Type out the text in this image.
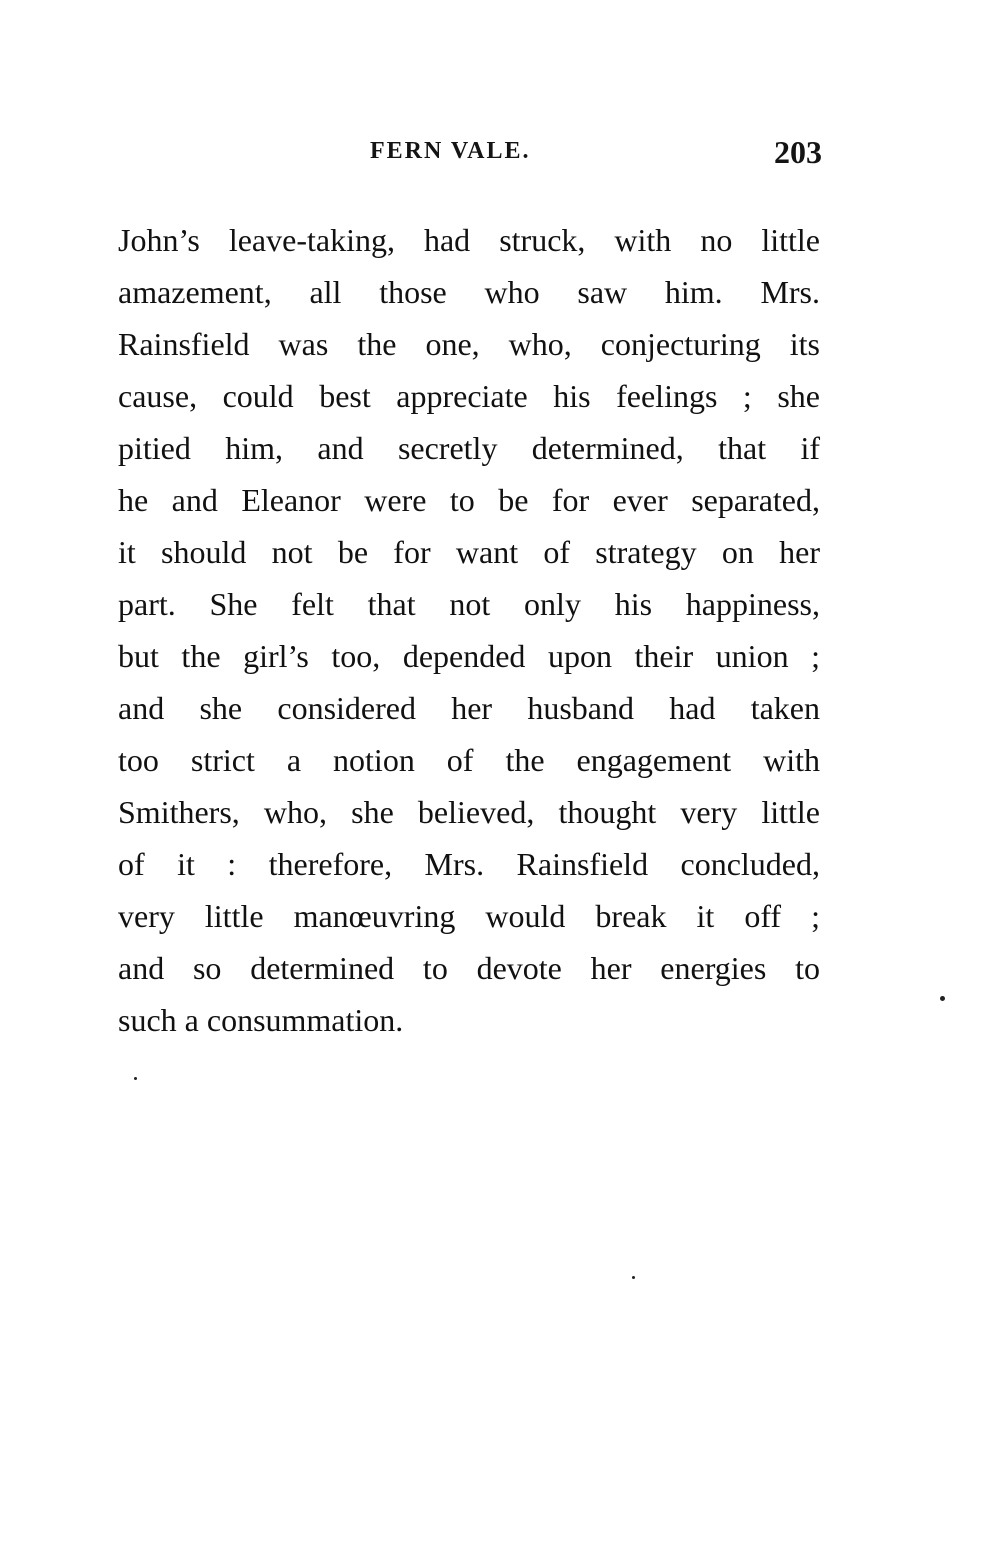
FERN VALE.	203
John’s leave-taking, had struck, with no little
amazement, all those who saw him. Mrs.
Rainsfield was the one, who, conjecturing its
cause, could best appreciate his feelings ; she
pitied him, and secretly determined, that if
he and Eleanor were to be for ever separated,
it should not be for want of strategy on her
part. She felt that not only his happiness,
but the girl’s too, depended upon their union ;
and she considered her husband had taken
too strict a notion of the engagement with
Smithers, who, she believed, thought very little
of it : therefore, Mrs. Rainsfield concluded,
very little manœuvring would break it off ;
and so determined to devote her energies to
such a consummation.
